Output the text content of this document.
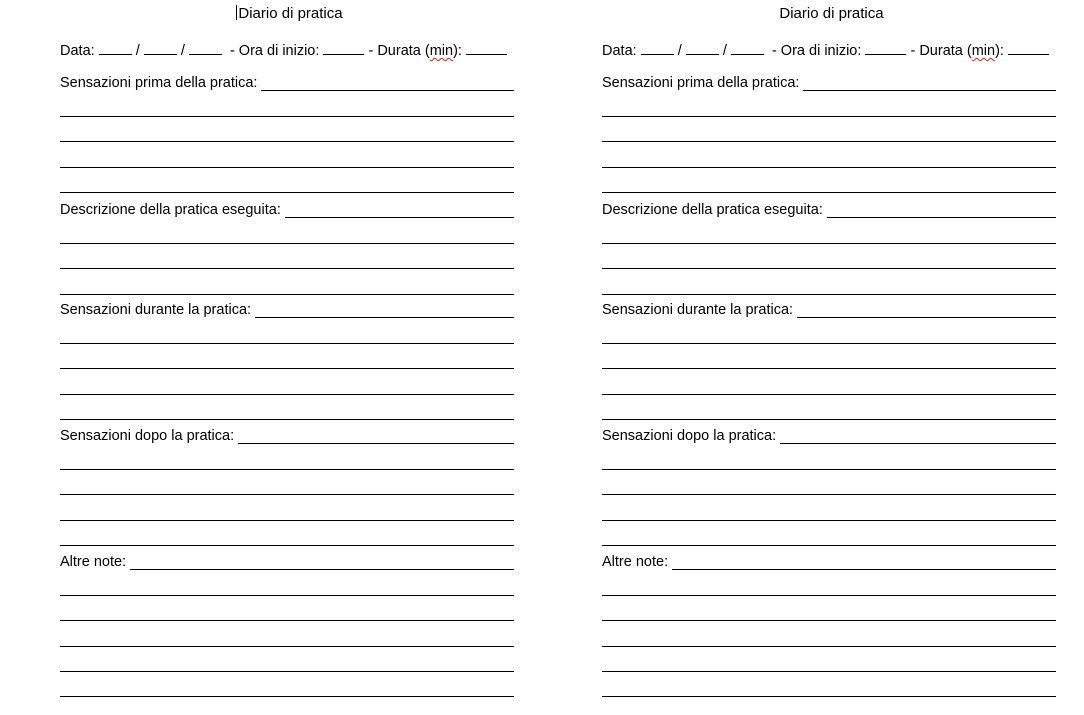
Diario di pratica
Data:	/	/	- Ora di inizio:	- Durata (min):
Sensazioni prima della pratica:
Descrizione della pratica eseguita:
Sensazioni durante la pratica:
Sensazioni dopo la pratica:
Altre note:
Diario di pratica
Data:	/	/	- Ora di inizio:	- Durata (min):
Sensazioni prima della pratica:
Descrizione della pratica eseguita:
Sensazioni durante la pratica:
Sensazioni dopo la pratica:
Altre note:
